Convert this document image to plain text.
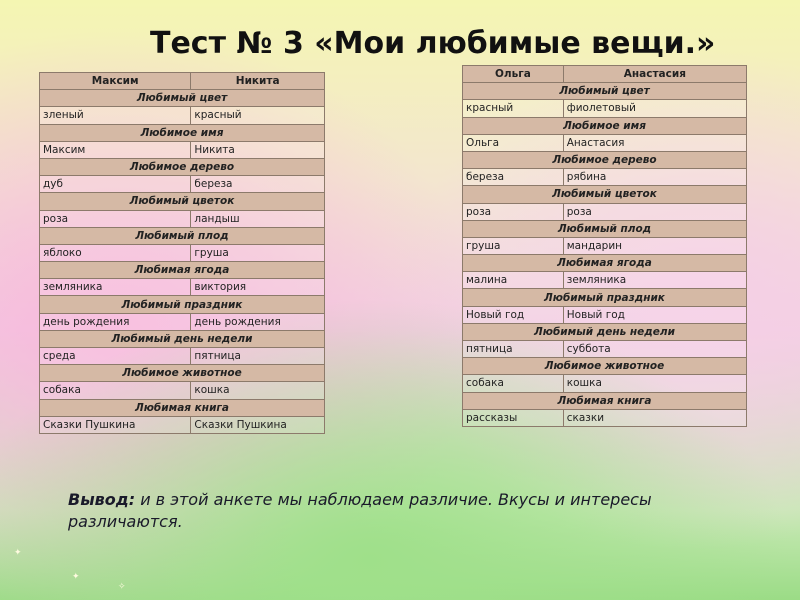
Тест № 3 «Мои любимые вещи.»
Максим	Никита
Любимый цвет	
зленый	красный
Любимое имя	
Максим	Никита
Любимое дерево	
дуб	береза
Любимый цветок	
роза	ландыш
Любимый плод	
яблоко	груша
Любимая ягода	
земляника	виктория
Любимый праздник	
день рождения	день рождения
Любимый день недели	
среда	пятница
Любимое животное	
собака	кошка
Любимая книга	
Сказки Пушкина	Сказки Пушкина
Ольга	Анастасия
Любимый цвет	
красный	фиолетовый
Любимое имя	
Ольга	Анастасия
Любимое дерево	
береза	рябина
Любимый цветок	
роза	роза
Любимый плод	
груша	мандарин
Любимая ягода	
малина	земляника
Любимый праздник	
Новый год	Новый год
Любимый день недели	
пятница	суббота
Любимое животное	
собака	кошка
Любимая книга	
рассказы	сказки
Вывод: и в этой анкете мы наблюдаем различие. Вкусы и интересы различаются.
✦
✧
✦
